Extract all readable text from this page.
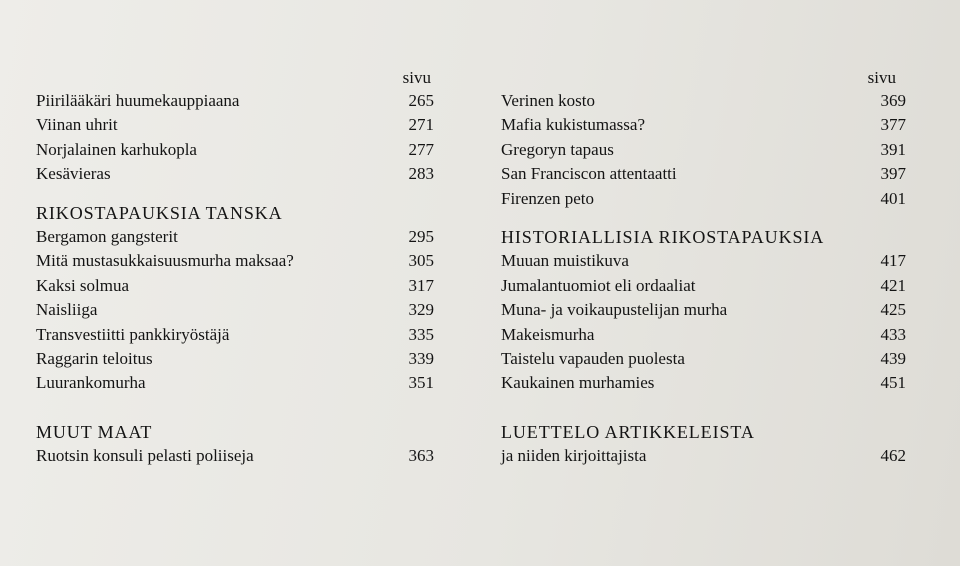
sivu
Piirilääkäri huumekauppiaana	265
Viinan uhrit	271
Norjalainen karhukopla	277
Kesävieras	283
RIKOSTAPAUKSIA TANSKA
Bergamon gangsterit	295
Mitä mustasukkaisuusmurha maksaa?	305
Kaksi solmua	317
Naisliiga	329
Transvestiitti pankkiryöstäjä	335
Raggarin teloitus	339
Luurankomurha	351
MUUT MAAT
Ruotsin konsuli pelasti poliiseja	363
sivu
Verinen kosto	369
Mafia kukistumassa?	377
Gregoryn tapaus	391
San Franciscon attentaatti	397
Firenzen peto	401
HISTORIALLISIA RIKOSTAPAUKSIA
Muuan muistikuva	417
Jumalantuomiot eli ordaaliat	421
Muna- ja voikaupustelijan murha	425
Makeismurha	433
Taistelu vapauden puolesta	439
Kaukainen murhamies	451
LUETTELO ARTIKKELEISTA
ja niiden kirjoittajista	462
